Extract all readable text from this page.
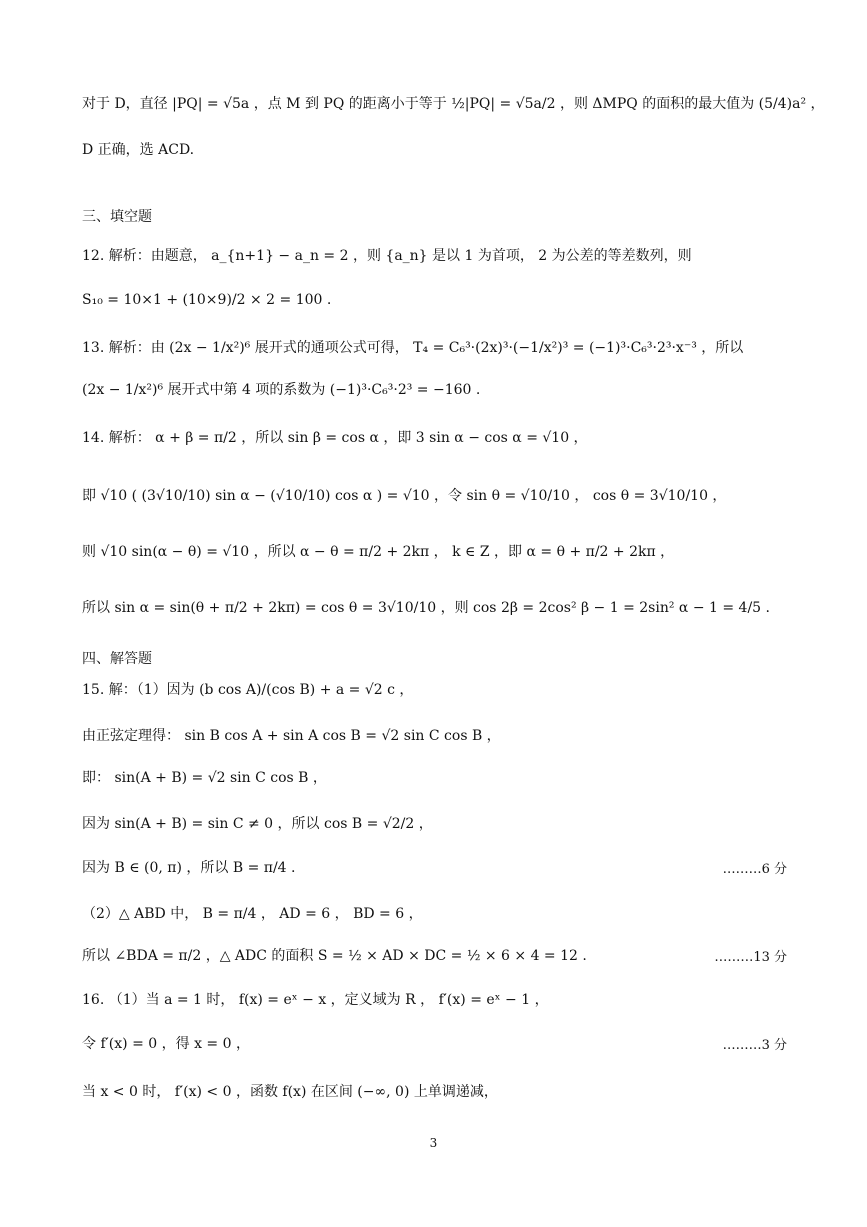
对于 D，直径 |PQ| = √5a ，点 M 到 PQ 的距离小于等于 ½|PQ| = √5a/2 ，则 ΔMPQ 的面积的最大值为 (5/4)a² ，
D 正确，选 ACD.
三、填空题
12. 解析：由题意， a_{n+1} − a_n = 2 ，则 {a_n} 是以 1 为首项， 2 为公差的等差数列，则
S₁₀ = 10×1 + (10×9)/2 × 2 = 100 .
13. 解析：由 (2x − 1/x²)⁶ 展开式的通项公式可得， T₄ = C₆³·(2x)³·(−1/x²)³ = (−1)³·C₆³·2³·x⁻³ ，所以
(2x − 1/x²)⁶ 展开式中第 4 项的系数为 (−1)³·C₆³·2³ = −160 .
14. 解析： α + β = π/2 ，所以 sin β = cos α ，即 3 sin α − cos α = √10 ，
即 √10 ( (3√10/10) sin α − (√10/10) cos α ) = √10 ，令 sin θ = √10/10 ， cos θ = 3√10/10 ，
则 √10 sin(α − θ) = √10 ，所以 α − θ = π/2 + 2kπ ， k ∈ Z ，即 α = θ + π/2 + 2kπ ，
所以 sin α = sin(θ + π/2 + 2kπ) = cos θ = 3√10/10 ，则 cos 2β = 2cos² β − 1 = 2sin² α − 1 = 4/5 .
四、解答题
15. 解：（1）因为 (b cos A)/(cos B) + a = √2 c ，
由正弦定理得： sin B cos A + sin A cos B = √2 sin C cos B ，
即： sin(A + B) = √2 sin C cos B ，
因为 sin(A + B) = sin C ≠ 0 ，所以 cos B = √2/2 ，
因为 B ∈ (0, π) ，所以 B = π/4 .	………6 分
（2）△ ABD 中， B = π/4 ， AD = 6 ， BD = 6 ，
所以 ∠BDA = π/2 ，△ ADC 的面积 S = ½ × AD × DC = ½ × 6 × 4 = 12 .	………13 分
16. （1）当 a = 1 时， f(x) = eˣ − x ，定义域为 R ， f′(x) = eˣ − 1 ，
令 f′(x) = 0 ，得 x = 0 ，	………3 分
当 x < 0 时， f′(x) < 0 ，函数 f(x) 在区间 (−∞, 0) 上单调递减，
3
